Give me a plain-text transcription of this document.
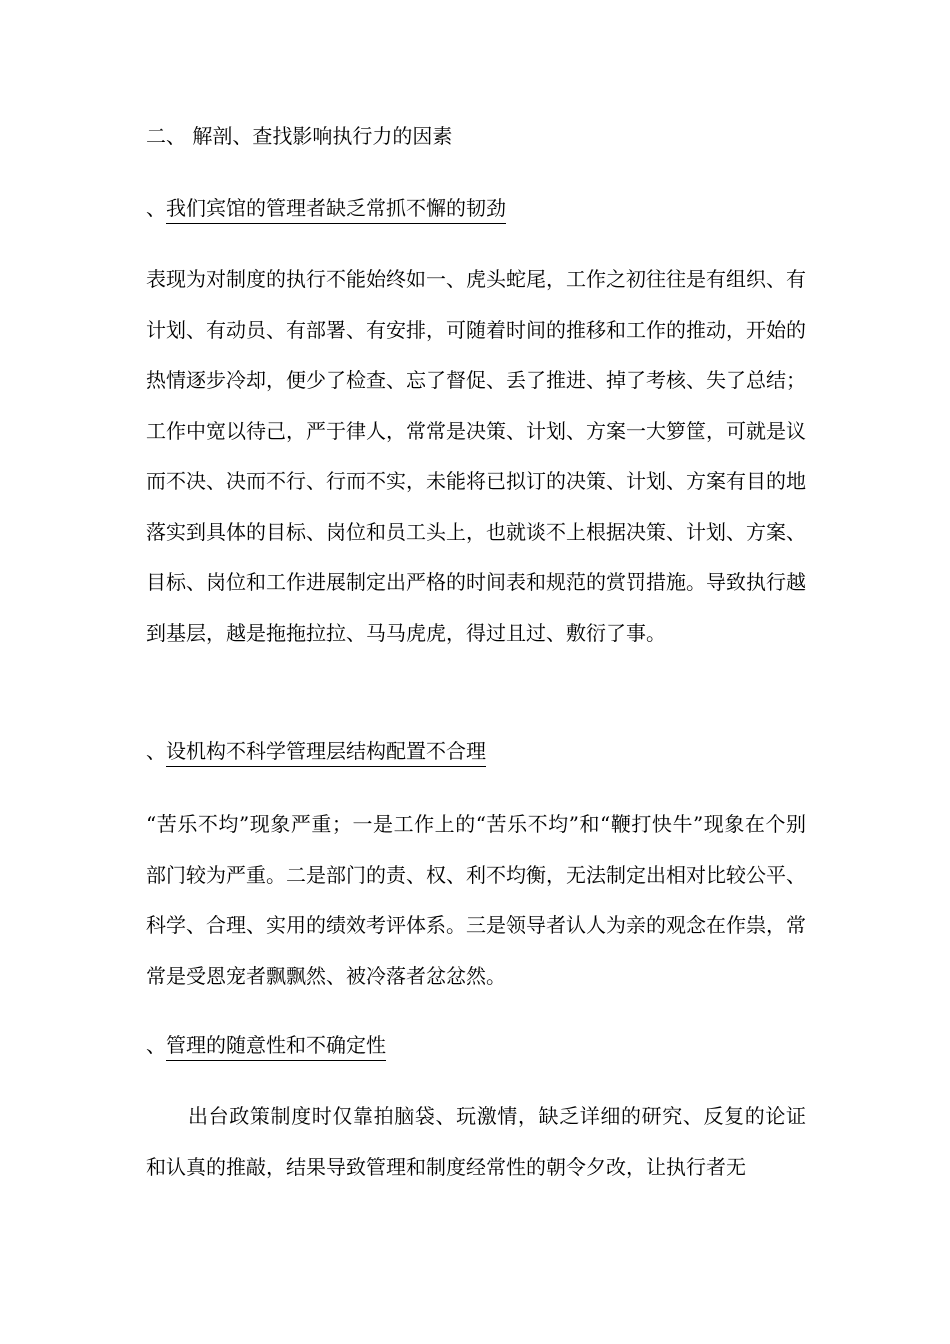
二、 解剖、查找影响执行力的因素
、我们宾馆的管理者缺乏常抓不懈的韧劲

表现为对制度的执行不能始终如一、虎头蛇尾，工作之初往往是有组织、有计划、有动员、有部署、有安排，可随着时间的推移和工作的推动，开始的热情逐步冷却，便少了检查、忘了督促、丢了推进、掉了考核、失了总结；工作中宽以待己，严于律人，常常是决策、计划、方案一大箩筐，可就是议而不决、决而不行、行而不实，未能将已拟订的决策、计划、方案有目的地落实到具体的目标、岗位和员工头上，也就谈不上根据决策、计划、方案、目标、岗位和工作进展制定出严格的时间表和规范的赏罚措施。导致执行越到基层，越是拖拖拉拉、马马虎虎，得过且过、敷衍了事。

、设机构不科学管理层结构配置不合理

“苦乐不均”现象严重；一是工作上的“苦乐不均”和“鞭打快牛”现象在个别部门较为严重。二是部门的责、权、利不均衡，无法制定出相对比较公平、科学、合理、实用的绩效考评体系。三是领导者认人为亲的观念在作祟，常常是受恩宠者飘飘然、被冷落者忿忿然。

、管理的随意性和不确定性

出台政策制度时仅靠拍脑袋、玩激情，缺乏详细的研究、反复的论证和认真的推敲，结果导致管理和制度经常性的朝令夕改，让执行者无
